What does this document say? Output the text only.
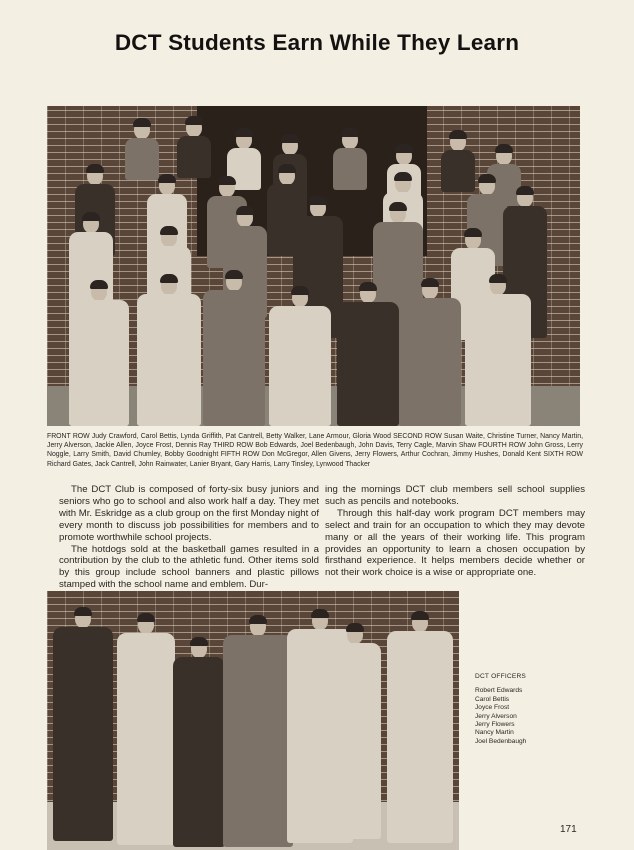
DCT Students Earn While They Learn
FRONT ROW Judy Crawford, Carol Bettis, Lynda Griffith, Pat Cantrell, Betty Walker, Lane Armour, Gloria Wood SECOND ROW Susan Waite, Christine Turner, Nancy Martin, Jerry Alverson, Jackie Allen, Joyce Frost, Dennis Ray THIRD ROW Bob Edwards, Joel Bedenbaugh, John Davis, Terry Cagle, Marvin Shaw FOURTH ROW John Gross, Lerry Noggle, Larry Smith, David Chumley, Bobby Goodnight FIFTH ROW Don McGregor, Allen Givens, Jerry Flowers, Arthur Cochran, Jimmy Hushes, Donald Kent SIXTH ROW Richard Gates, Jack Cantrell, John Rainwater, Lanier Bryant, Gary Harris, Larry Tinsley, Lynwood Thacker

The DCT Club is composed of forty-six busy juniors and seniors who go to school and also work half a day. They met with Mr. Eskridge as a club group on the first Monday night of every month to discuss job possibilities for members and to promote worthwhile school projects.

The hotdogs sold at the basketball games resulted in a contribution by the club to the athletic fund. Other items sold by this group include school banners and plastic pillows stamped with the school name and emblem. Dur-

ing the mornings DCT club members sell school supplies such as pencils and notebooks.

Through this half-day work program DCT members may select and train for an occupation to which they may devote many or all the years of their working life. This program provides an opportunity to learn a chosen occupation by firsthand experience. It helps members decide whether or not their work choice is a wise or appropriate one.

DCT OFFICERS
Robert Edwards
Carol Bettis
Joyce Frost
Jerry Alverson
Jerry Flowers
Nancy Martin
Joel Bedenbaugh
171
